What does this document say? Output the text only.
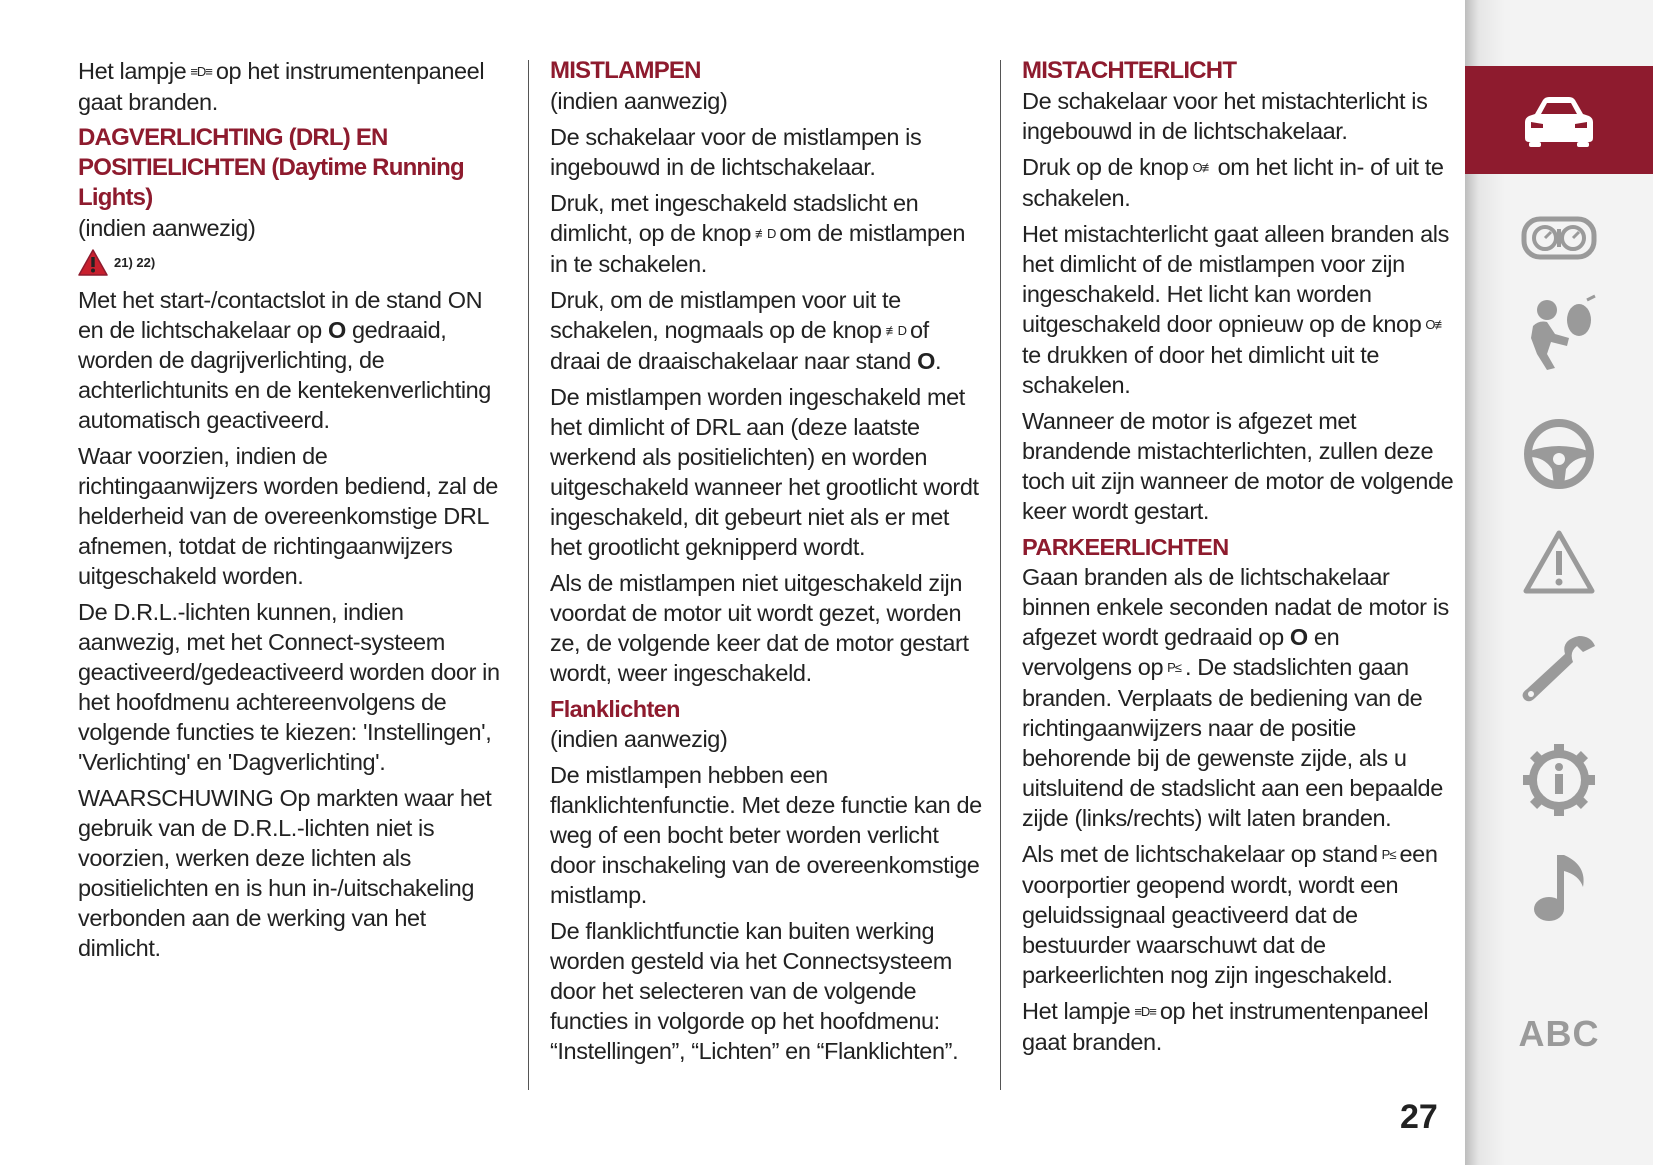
Het lampje ≡D≡ op het instrumentenpaneel gaat branden.

DAGVERLICHTING (DRL) EN POSITIELICHTEN (Daytime Running Lights)

(indien aanwezig)

21) 22)

Met het start-/contactslot in de stand ON en de lichtschakelaar op O gedraaid, worden de dagrijverlichting, de achterlichtunits en de kentekenverlichting automatisch geactiveerd.

Waar voorzien, indien de richtingaanwijzers worden bediend, zal de helderheid van de overeenkomstige DRL afnemen, totdat de richtingaanwijzers uitgeschakeld worden.

De D.R.L.-lichten kunnen, indien aanwezig, met het Connect-systeem geactiveerd/gedeactiveerd worden door in het hoofdmenu achtereenvolgens de volgende functies te kiezen: 'Instellingen', 'Verlichting' en 'Dagverlichting'.

WAARSCHUWING Op markten waar het gebruik van de D.R.L.-lichten niet is voorzien, werken deze lichten als positielichten en is hun in-/uitschakeling verbonden aan de werking van het dimlicht.

MISTLAMPEN

(indien aanwezig)

De schakelaar voor de mistlampen is ingebouwd in de lichtschakelaar.

Druk, met ingeschakeld stadslicht en dimlicht, op de knop ≢D om de mistlampen in te schakelen.

Druk, om de mistlampen voor uit te schakelen, nogmaals op de knop ≢D of draai de draaischakelaar naar stand O.

De mistlampen worden ingeschakeld met het dimlicht of DRL aan (deze laatste werkend als positielichten) en worden uitgeschakeld wanneer het grootlicht wordt ingeschakeld, dit gebeurt niet als er met het grootlicht geknipperd wordt.

Als de mistlampen niet uitgeschakeld zijn voordat de motor uit wordt gezet, worden ze, de volgende keer dat de motor gestart wordt, weer ingeschakeld.

Flanklichten

(indien aanwezig)

De mistlampen hebben een flanklichtenfunctie. Met deze functie kan de weg of een bocht beter worden verlicht door inschakeling van de overeenkomstige mistlamp.

De flanklichtfunctie kan buiten werking worden gesteld via het Connectsysteem door het selecteren van de volgende functies in volgorde op het hoofdmenu: “Instellingen”, “Lichten” en “Flanklichten”.

MISTACHTERLICHT

De schakelaar voor het mistachterlicht is ingebouwd in de lichtschakelaar.

Druk op de knop O≢ om het licht in- of uit te schakelen.

Het mistachterlicht gaat alleen branden als het dimlicht of de mistlampen voor zijn ingeschakeld. Het licht kan worden uitgeschakeld door opnieuw op de knop O≢te drukken of door het dimlicht uit te schakelen.

Wanneer de motor is afgezet met brandende mistachterlichten, zullen deze toch uit zijn wanneer de motor de volgende keer wordt gestart.

PARKEERLICHTEN

Gaan branden als de lichtschakelaar binnen enkele seconden nadat de motor is afgezet wordt gedraaid op O en vervolgens op P≤ . De stadslichten gaan branden. Verplaats de bediening van de richtingaanwijzers naar de positie behorende bij de gewenste zijde, als u uitsluitend de stadslicht aan een bepaalde zijde (links/rechts) wilt laten branden.

Als met de lichtschakelaar op stand P≤ een voorportier geopend wordt, wordt een geluidssignaal geactiveerd dat de bestuurder waarschuwt dat de parkeerlichten nog zijn ingeschakeld.

Het lampje ≡D≡ op het instrumentenpaneel gaat branden.

27
ABC
